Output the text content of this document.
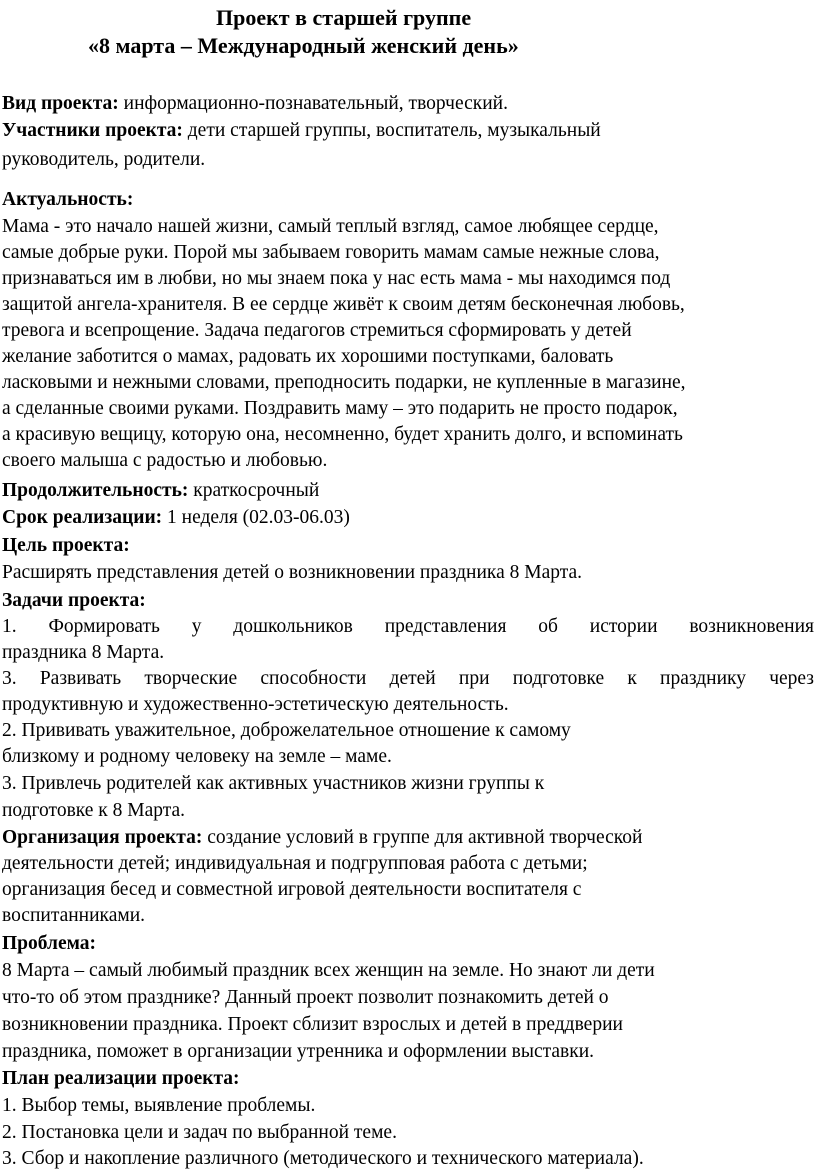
Проект в старшей группе
«8 марта – Международный женский день»
Вид проекта: информационно-познавательный, творческий.
Участники проекта: дети старшей группы, воспитатель, музыкальный
руководитель, родители.
Актуальность:
Мама - это начало нашей жизни, самый теплый взгляд, самое любящее сердце,
самые добрые руки. Порой мы забываем говорить мамам самые нежные слова,
признаваться им в любви, но мы знаем пока у нас есть мама - мы находимся под
защитой ангела-хранителя. В ее сердце живёт к своим детям бесконечная любовь,
тревога и всепрощение. Задача педагогов стремиться сформировать у детей
желание заботится о мамах, радовать их хорошими поступками, баловать
ласковыми и нежными словами, преподносить подарки, не купленные в магазине,
а сделанные своими руками. Поздравить маму – это подарить не просто подарок,
а красивую вещицу, которую она, несомненно, будет хранить долго, и вспоминать
своего малыша с радостью и любовью.
Продолжительность: краткосрочный
Срок реализации: 1 неделя (02.03-06.03)
Цель проекта:
Расширять представления детей о возникновении праздника 8 Марта.
Задачи проекта:
1. Формировать у дошкольников представления об истории возникновения
праздника 8 Марта.
3. Развивать творческие способности детей при подготовке к празднику через
продуктивную и художественно-эстетическую деятельность.
2. Прививать уважительное, доброжелательное отношение к самому
близкому и родному человеку на земле – маме.
3. Привлечь родителей как активных участников жизни группы к
подготовке к 8 Марта.
Организация проекта: создание условий в группе для активной творческой
деятельности детей; индивидуальная и подгрупповая работа с детьми;
организация бесед и совместной игровой деятельности воспитателя с
воспитанниками.
Проблема:
8 Марта – самый любимый праздник всех женщин на земле. Но знают ли дети
что-то об этом празднике? Данный проект позволит познакомить детей о
возникновении праздника. Проект сблизит взрослых и детей в преддверии
праздника, поможет в организации утренника и оформлении выставки.
План реализации проекта:
1. Выбор темы, выявление проблемы.
2. Постановка цели и задач по выбранной теме.
3. Сбор и накопление различного (методического и технического материала).
